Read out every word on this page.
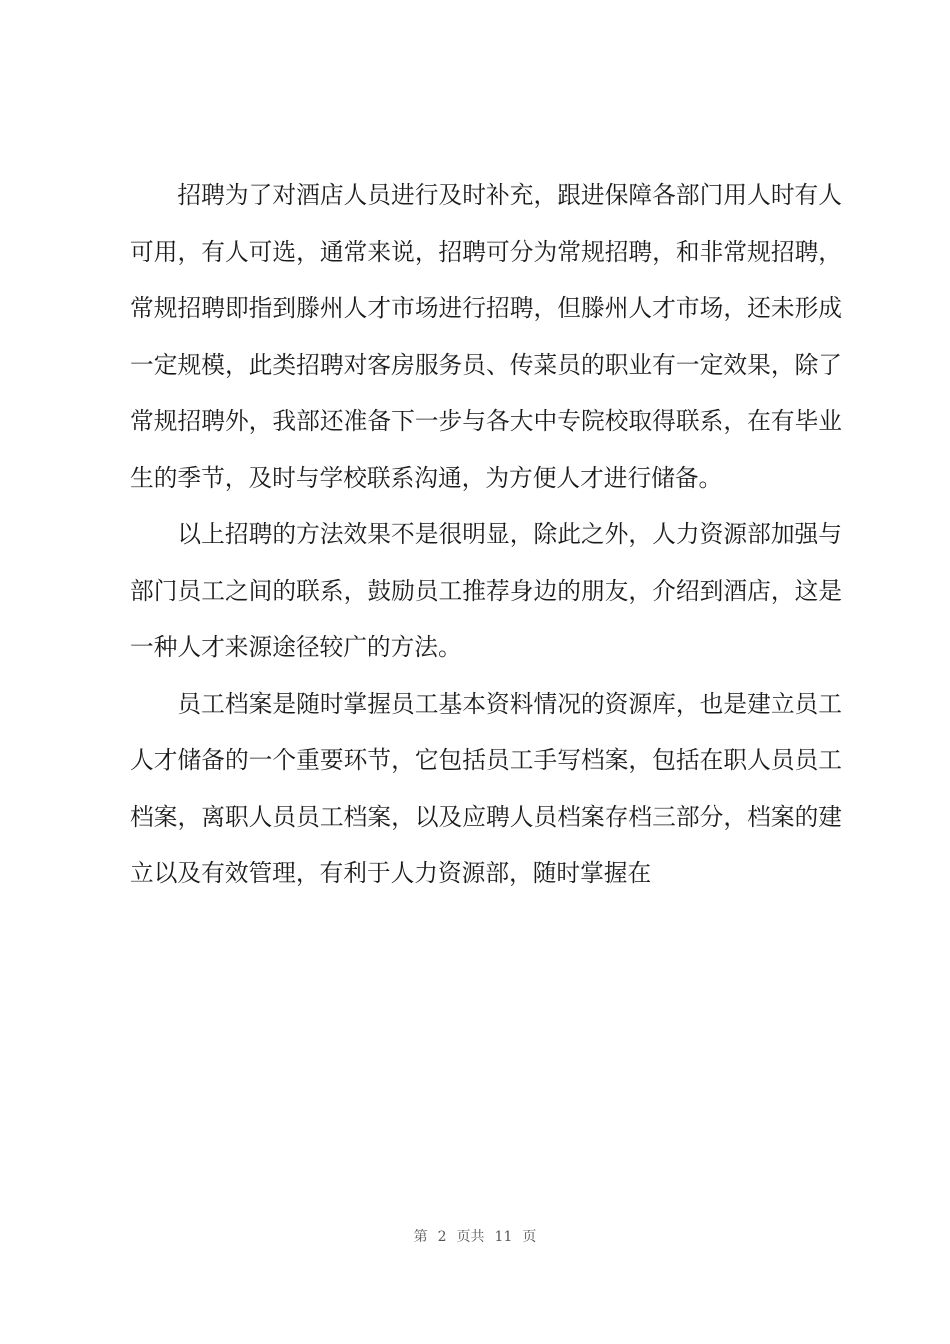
招聘为了对酒店人员进行及时补充，跟进保障各部门用人时有人可用，有人可选，通常来说，招聘可分为常规招聘，和非常规招聘，常规招聘即指到滕州人才市场进行招聘，但滕州人才市场，还未形成一定规模，此类招聘对客房服务员、传菜员的职业有一定效果，除了常规招聘外，我部还准备下一步与各大中专院校取得联系，在有毕业生的季节，及时与学校联系沟通，为方便人才进行储备。

以上招聘的方法效果不是很明显，除此之外，人力资源部加强与部门员工之间的联系，鼓励员工推荐身边的朋友，介绍到酒店，这是一种人才来源途径较广的方法。

员工档案是随时掌握员工基本资料情况的资源库，也是建立员工人才储备的一个重要环节，它包括员工手写档案，包括在职人员员工档案，离职人员员工档案，以及应聘人员档案存档三部分，档案的建立以及有效管理，有利于人力资源部，随时掌握在

第 2 页共 11 页
